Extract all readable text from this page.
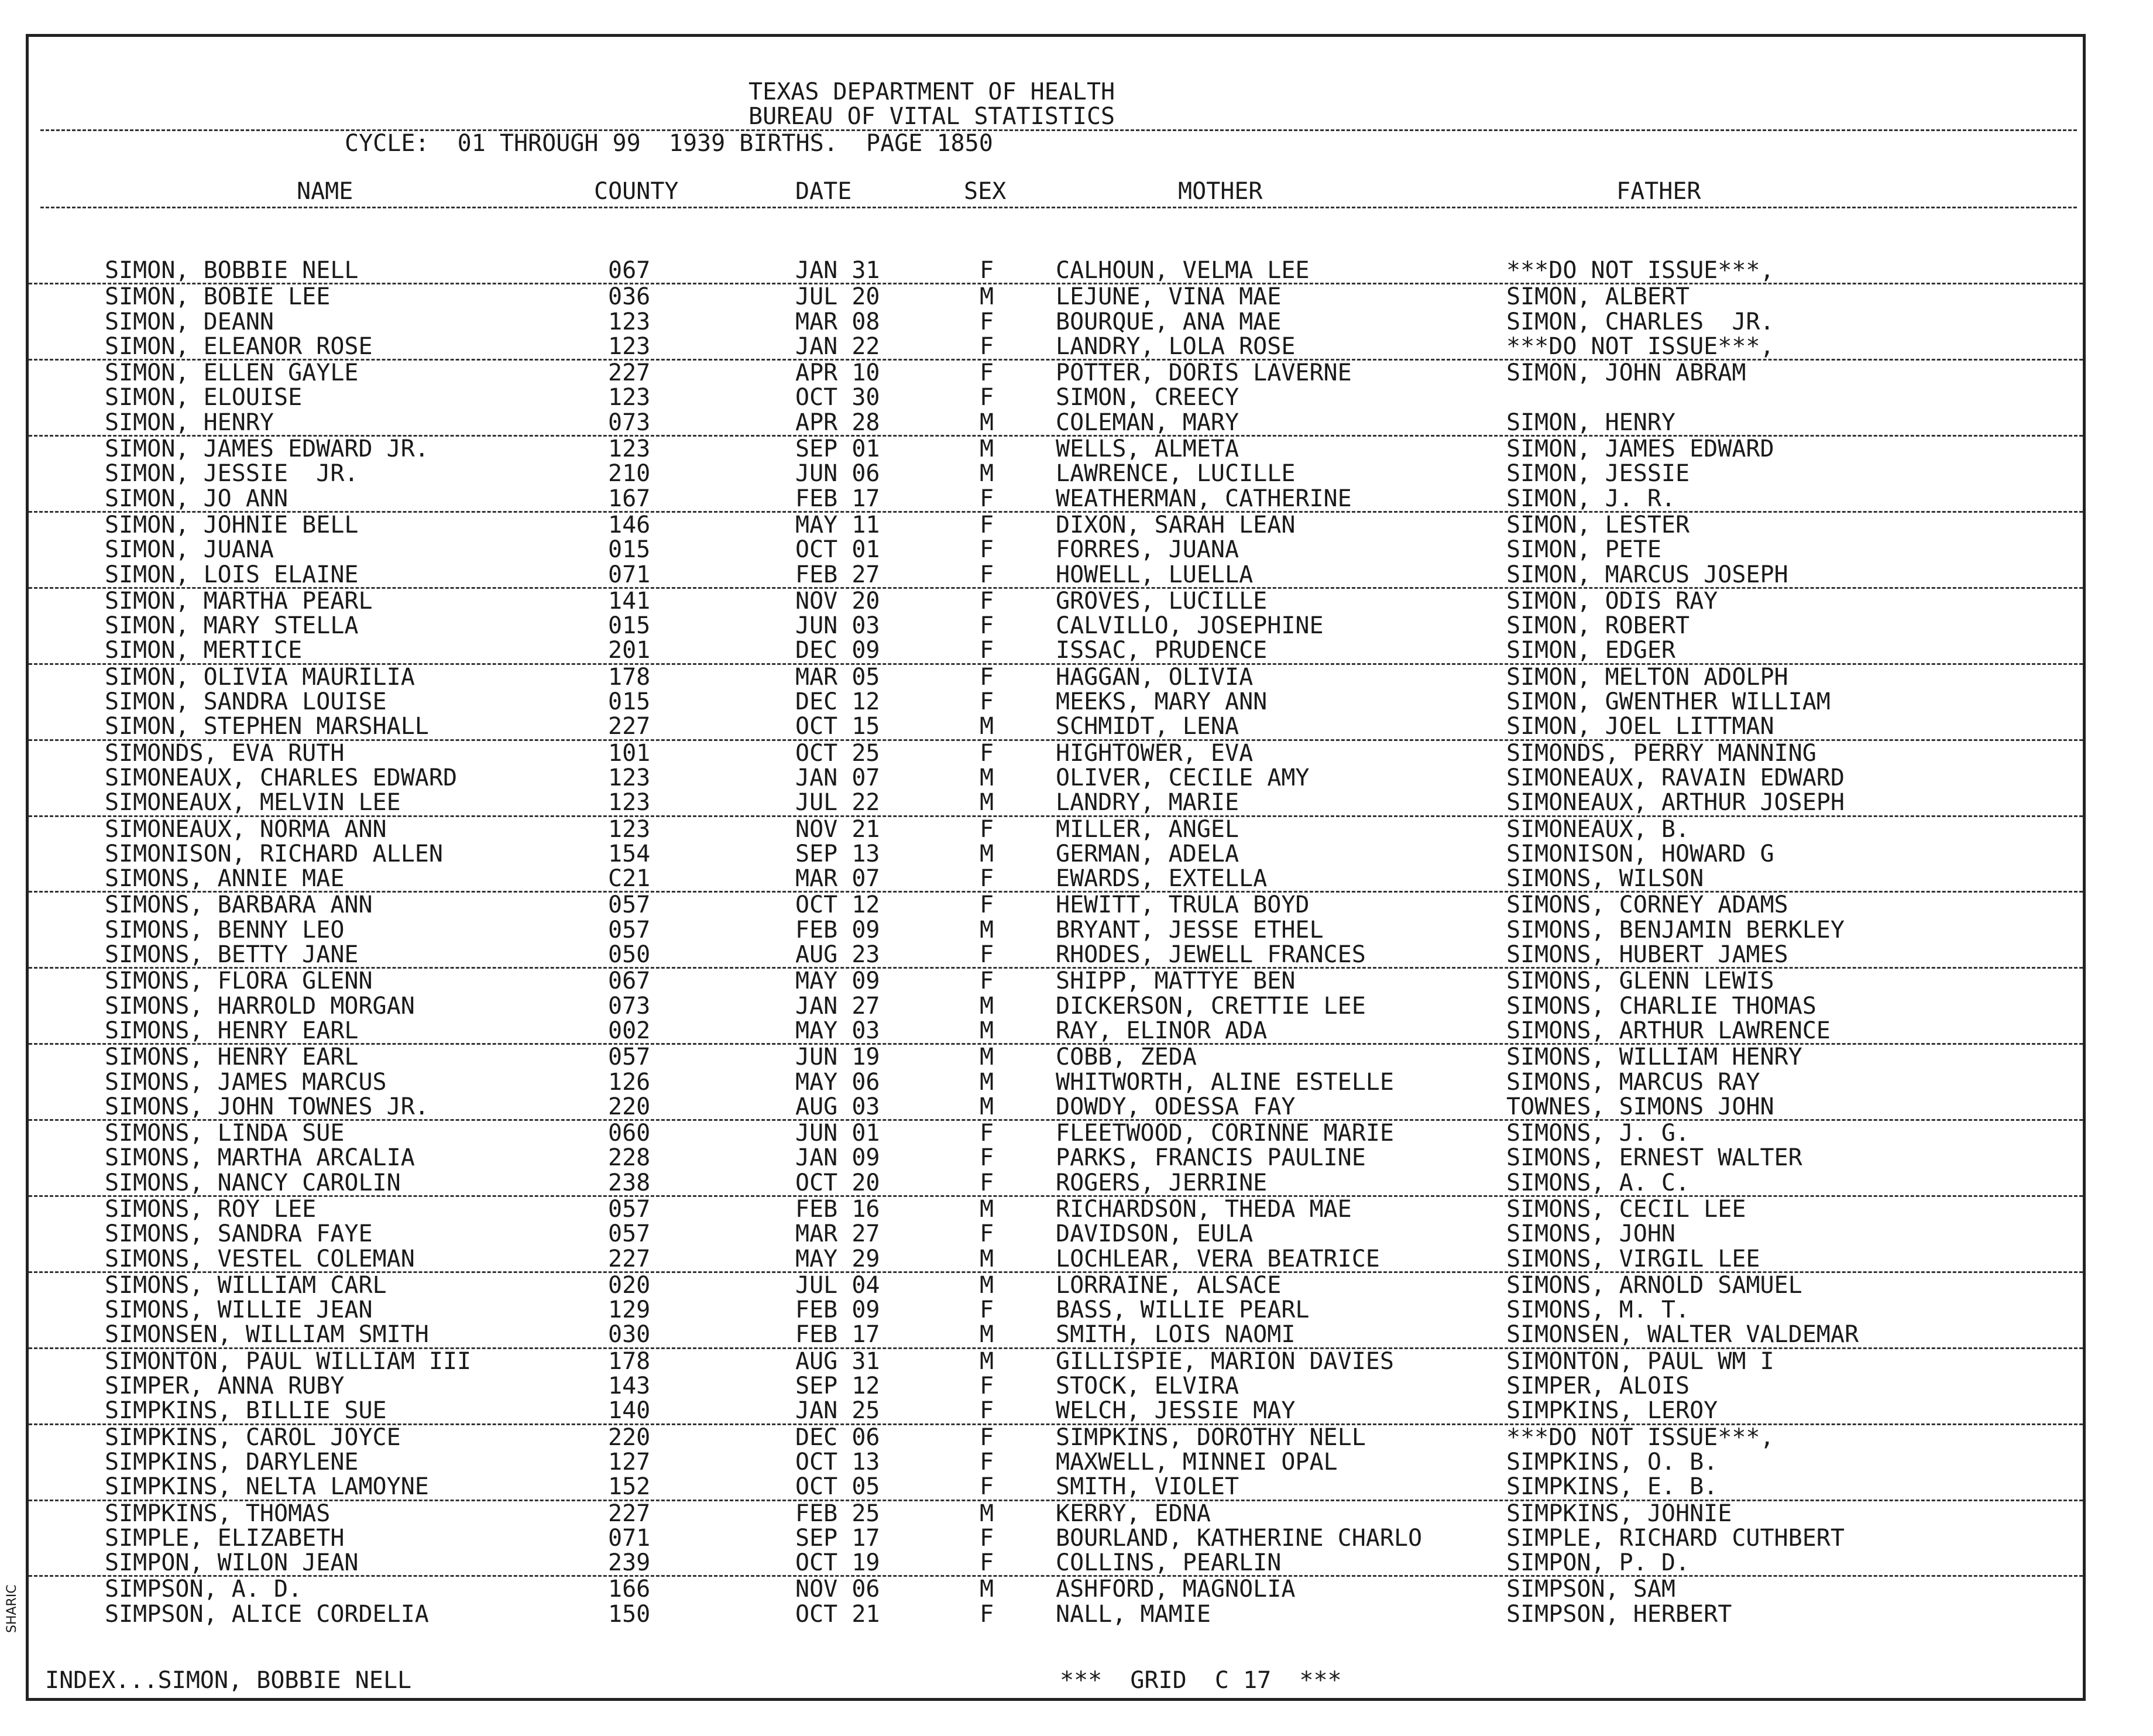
TEXAS DEPARTMENT OF HEALTH
BUREAU OF VITAL STATISTICS
CYCLE:  01 THROUGH 99  1939 BIRTHS.  PAGE 1850
NAME	COUNTY	DATE	SEX	MOTHER	FATHER
SIMON, BOBBIE NELL	067	JAN 31	F	CALHOUN, VELMA LEE	***DO NOT ISSUE***,
SIMON, BOBIE LEE	036	JUL 20	M	LEJUNE, VINA MAE	SIMON, ALBERT
SIMON, DEANN	123	MAR 08	F	BOURQUE, ANA MAE	SIMON, CHARLES  JR.
SIMON, ELEANOR ROSE	123	JAN 22	F	LANDRY, LOLA ROSE	***DO NOT ISSUE***,
SIMON, ELLEN GAYLE	227	APR 10	F	POTTER, DORIS LAVERNE	SIMON, JOHN ABRAM
SIMON, ELOUISE	123	OCT 30	F	SIMON, CREECY
SIMON, HENRY	073	APR 28	M	COLEMAN, MARY	SIMON, HENRY
SIMON, JAMES EDWARD JR.	123	SEP 01	M	WELLS, ALMETA	SIMON, JAMES EDWARD
SIMON, JESSIE  JR.	210	JUN 06	M	LAWRENCE, LUCILLE	SIMON, JESSIE
SIMON, JO ANN	167	FEB 17	F	WEATHERMAN, CATHERINE	SIMON, J. R.
SIMON, JOHNIE BELL	146	MAY 11	F	DIXON, SARAH LEAN	SIMON, LESTER
SIMON, JUANA	015	OCT 01	F	FORRES, JUANA	SIMON, PETE
SIMON, LOIS ELAINE	071	FEB 27	F	HOWELL, LUELLA	SIMON, MARCUS JOSEPH
SIMON, MARTHA PEARL	141	NOV 20	F	GROVES, LUCILLE	SIMON, ODIS RAY
SIMON, MARY STELLA	015	JUN 03	F	CALVILLO, JOSEPHINE	SIMON, ROBERT
SIMON, MERTICE	201	DEC 09	F	ISSAC, PRUDENCE	SIMON, EDGER
SIMON, OLIVIA MAURILIA	178	MAR 05	F	HAGGAN, OLIVIA	SIMON, MELTON ADOLPH
SIMON, SANDRA LOUISE	015	DEC 12	F	MEEKS, MARY ANN	SIMON, GWENTHER WILLIAM
SIMON, STEPHEN MARSHALL	227	OCT 15	M	SCHMIDT, LENA	SIMON, JOEL LITTMAN
SIMONDS, EVA RUTH	101	OCT 25	F	HIGHTOWER, EVA	SIMONDS, PERRY MANNING
SIMONEAUX, CHARLES EDWARD	123	JAN 07	M	OLIVER, CECILE AMY	SIMONEAUX, RAVAIN EDWARD
SIMONEAUX, MELVIN LEE	123	JUL 22	M	LANDRY, MARIE	SIMONEAUX, ARTHUR JOSEPH
SIMONEAUX, NORMA ANN	123	NOV 21	F	MILLER, ANGEL	SIMONEAUX, B.
SIMONISON, RICHARD ALLEN	154	SEP 13	M	GERMAN, ADELA	SIMONISON, HOWARD G
SIMONS, ANNIE MAE	C21	MAR 07	F	EWARDS, EXTELLA	SIMONS, WILSON
SIMONS, BARBARA ANN	057	OCT 12	F	HEWITT, TRULA BOYD	SIMONS, CORNEY ADAMS
SIMONS, BENNY LEO	057	FEB 09	M	BRYANT, JESSE ETHEL	SIMONS, BENJAMIN BERKLEY
SIMONS, BETTY JANE	050	AUG 23	F	RHODES, JEWELL FRANCES	SIMONS, HUBERT JAMES
SIMONS, FLORA GLENN	067	MAY 09	F	SHIPP, MATTYE BEN	SIMONS, GLENN LEWIS
SIMONS, HARROLD MORGAN	073	JAN 27	M	DICKERSON, CRETTIE LEE	SIMONS, CHARLIE THOMAS
SIMONS, HENRY EARL	002	MAY 03	M	RAY, ELINOR ADA	SIMONS, ARTHUR LAWRENCE
SIMONS, HENRY EARL	057	JUN 19	M	COBB, ZEDA	SIMONS, WILLIAM HENRY
SIMONS, JAMES MARCUS	126	MAY 06	M	WHITWORTH, ALINE ESTELLE	SIMONS, MARCUS RAY
SIMONS, JOHN TOWNES JR.	220	AUG 03	M	DOWDY, ODESSA FAY	TOWNES, SIMONS JOHN
SIMONS, LINDA SUE	060	JUN 01	F	FLEETWOOD, CORINNE MARIE	SIMONS, J. G.
SIMONS, MARTHA ARCALIA	228	JAN 09	F	PARKS, FRANCIS PAULINE	SIMONS, ERNEST WALTER
SIMONS, NANCY CAROLIN	238	OCT 20	F	ROGERS, JERRINE	SIMONS, A. C.
SIMONS, ROY LEE	057	FEB 16	M	RICHARDSON, THEDA MAE	SIMONS, CECIL LEE
SIMONS, SANDRA FAYE	057	MAR 27	F	DAVIDSON, EULA	SIMONS, JOHN
SIMONS, VESTEL COLEMAN	227	MAY 29	M	LOCHLEAR, VERA BEATRICE	SIMONS, VIRGIL LEE
SIMONS, WILLIAM CARL	020	JUL 04	M	LORRAINE, ALSACE	SIMONS, ARNOLD SAMUEL
SIMONS, WILLIE JEAN	129	FEB 09	F	BASS, WILLIE PEARL	SIMONS, M. T.
SIMONSEN, WILLIAM SMITH	030	FEB 17	M	SMITH, LOIS NAOMI	SIMONSEN, WALTER VALDEMAR
SIMONTON, PAUL WILLIAM III	178	AUG 31	M	GILLISPIE, MARION DAVIES	SIMONTON, PAUL WM I
SIMPER, ANNA RUBY	143	SEP 12	F	STOCK, ELVIRA	SIMPER, ALOIS
SIMPKINS, BILLIE SUE	140	JAN 25	F	WELCH, JESSIE MAY	SIMPKINS, LEROY
SIMPKINS, CAROL JOYCE	220	DEC 06	F	SIMPKINS, DOROTHY NELL	***DO NOT ISSUE***,
SIMPKINS, DARYLENE	127	OCT 13	F	MAXWELL, MINNEI OPAL	SIMPKINS, O. B.
SIMPKINS, NELTA LAMOYNE	152	OCT 05	F	SMITH, VIOLET	SIMPKINS, E. B.
SIMPKINS, THOMAS	227	FEB 25	M	KERRY, EDNA	SIMPKINS, JOHNIE
SIMPLE, ELIZABETH	071	SEP 17	F	BOURLAND, KATHERINE CHARLO	SIMPLE, RICHARD CUTHBERT
SIMPON, WILON JEAN	239	OCT 19	F	COLLINS, PEARLIN	SIMPON, P. D.
SIMPSON, A. D.	166	NOV 06	M	ASHFORD, MAGNOLIA	SIMPSON, SAM
SIMPSON, ALICE CORDELIA	150	OCT 21	F	NALL, MAMIE	SIMPSON, HERBERT
INDEX...SIMON, BOBBIE NELL	***  GRID  C 17  ***
SHARIC
